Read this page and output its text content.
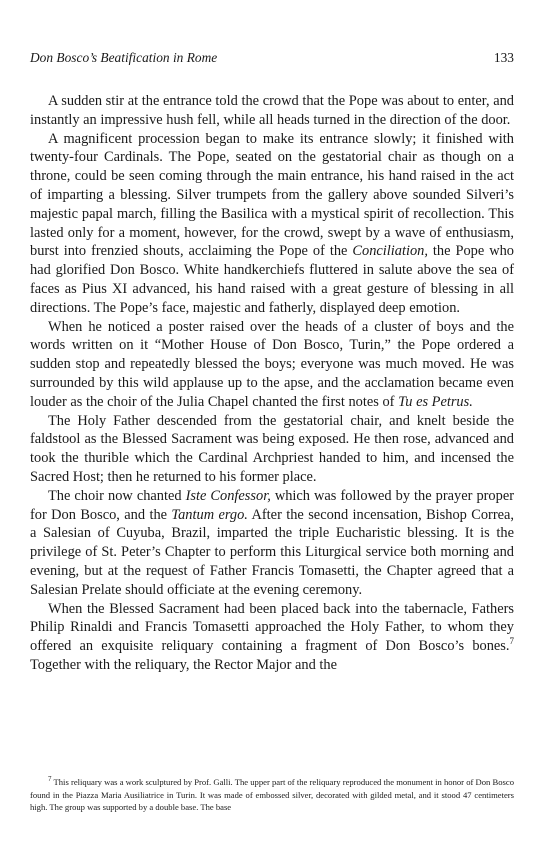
Don Bosco’s Beatification in Rome	133

A sudden stir at the entrance told the crowd that the Pope was about to enter, and instantly an impressive hush fell, while all heads turned in the direction of the door.

A magnificent procession began to make its entrance slowly; it finished with twenty-four Cardinals. The Pope, seated on the gestatorial chair as though on a throne, could be seen coming through the main entrance, his hand raised in the act of imparting a blessing. Silver trumpets from the gallery above sounded Silveri’s majestic papal march, filling the Basilica with a mystical spirit of recollection. This lasted only for a moment, however, for the crowd, swept by a wave of enthusiasm, burst into frenzied shouts, acclaiming the Pope of the Conciliation, the Pope who had glorified Don Bosco. White handkerchiefs fluttered in salute above the sea of faces as Pius XI advanced, his hand raised with a great gesture of blessing in all directions. The Pope’s face, majestic and fatherly, displayed deep emotion.

When he noticed a poster raised over the heads of a cluster of boys and the words written on it “Mother House of Don Bosco, Turin,” the Pope ordered a sudden stop and repeatedly blessed the boys; everyone was much moved. He was surrounded by this wild applause up to the apse, and the acclamation became even louder as the choir of the Julia Chapel chanted the first notes of Tu es Petrus.

The Holy Father descended from the gestatorial chair, and knelt beside the faldstool as the Blessed Sacrament was being exposed. He then rose, advanced and took the thurible which the Cardinal Archpriest handed to him, and incensed the Sacred Host; then he returned to his former place.

The choir now chanted Iste Confessor, which was followed by the prayer proper for Don Bosco, and the Tantum ergo. After the second incensation, Bishop Correa, a Salesian of Cuyuba, Brazil, imparted the triple Eucharistic blessing. It is the privilege of St. Peter’s Chapter to perform this Liturgical service both morning and evening, but at the request of Father Francis Tomasetti, the Chapter agreed that a Salesian Prelate should officiate at the evening ceremony.

When the Blessed Sacrament had been placed back into the tabernacle, Fathers Philip Rinaldi and Francis Tomasetti approached the Holy Father, to whom they offered an exquisite reliquary containing a fragment of Don Bosco’s bones.$^7$ Together with the reliquary, the Rector Major and the

$^7$ This reliquary was a work sculptured by Prof. Galli. The upper part of the reliquary reproduced the monument in honor of Don Bosco found in the Piazza Maria Ausiliatrice in Turin. It was made of embossed silver, decorated with gilded metal, and it stood 47 centimeters high. The group was supported by a double base. The base
